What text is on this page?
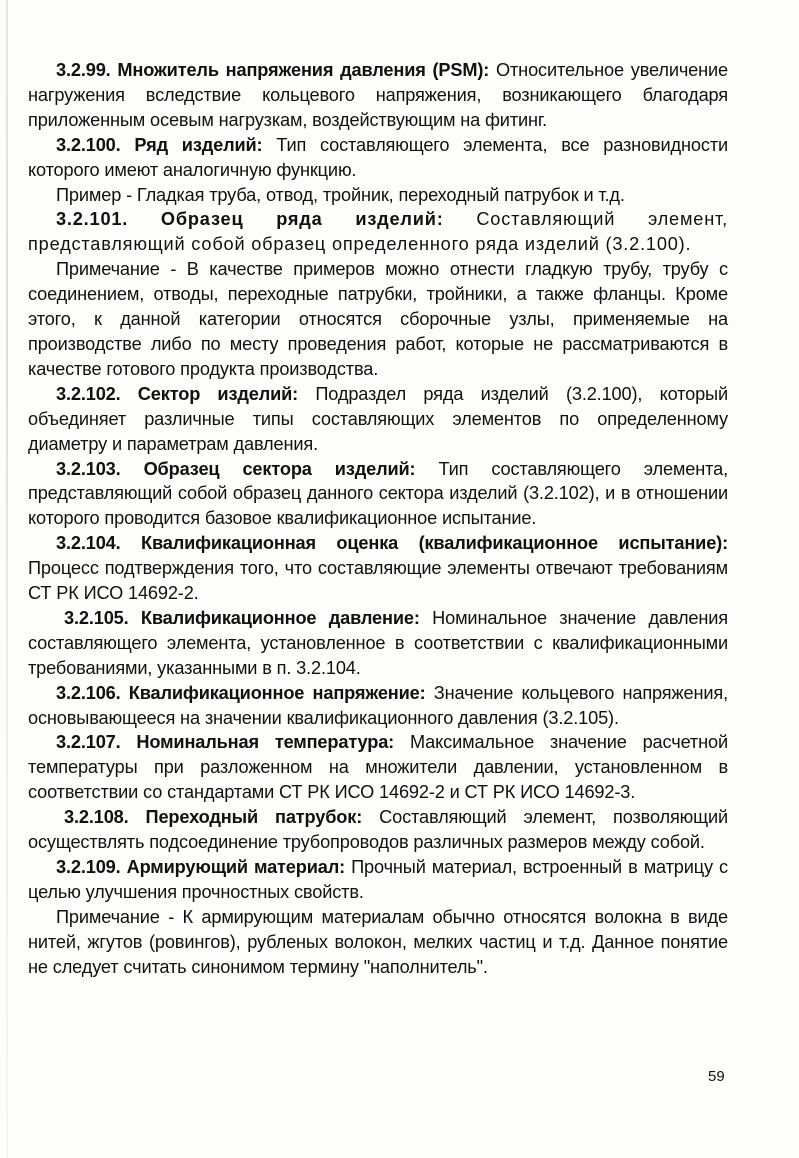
3.2.99. Множитель напряжения давления (PSM): Относительное увеличение нагружения вследствие кольцевого напряжения, возникающего благодаря приложенным осевым нагрузкам, воздействующим на фитинг.

3.2.100. Ряд изделий: Тип составляющего элемента, все разновидности которого имеют аналогичную функцию.

Пример - Гладкая труба, отвод, тройник, переходный патрубок и т.д.

3.2.101. Образец ряда изделий: Составляющий элемент, представляющий собой образец определенного ряда изделий (3.2.100).

Примечание - В качестве примеров можно отнести гладкую трубу, трубу с соединением, отводы, переходные патрубки, тройники, а также фланцы. Кроме этого, к данной категории относятся сборочные узлы, применяемые на производстве либо по месту проведения работ, которые не рассматриваются в качестве готового продукта производства.

3.2.102. Сектор изделий: Подраздел ряда изделий (3.2.100), который объединяет различные типы составляющих элементов по определенному диаметру и параметрам давления.

3.2.103. Образец сектора изделий: Тип составляющего элемента, представляющий собой образец данного сектора изделий (3.2.102), и в отношении которого проводится базовое квалификационное испытание.

3.2.104. Квалификационная оценка (квалификационное испытание): Процесс подтверждения того, что составляющие элементы отвечают требованиям СТ РК ИСО 14692-2.

3.2.105. Квалификационное давление: Номинальное значение давления составляющего элемента, установленное в соответствии с квалификационными требованиями, указанными в п. 3.2.104.

3.2.106. Квалификационное напряжение: Значение кольцевого напряжения, основывающееся на значении квалификационного давления (3.2.105).

3.2.107. Номинальная температура: Максимальное значение расчетной температуры при разложенном на множители давлении, установленном в соответствии со стандартами СТ РК ИСО 14692-2 и СТ РК ИСО 14692-3.

3.2.108. Переходный патрубок: Составляющий элемент, позволяющий осуществлять подсоединение трубопроводов различных размеров между собой.

3.2.109. Армирующий материал: Прочный материал, встроенный в матрицу с целью улучшения прочностных свойств.

Примечание - К армирующим материалам обычно относятся волокна в виде нитей, жгутов (ровингов), рубленых волокон, мелких частиц и т.д. Данное понятие не следует считать синонимом термину "наполнитель".

59
